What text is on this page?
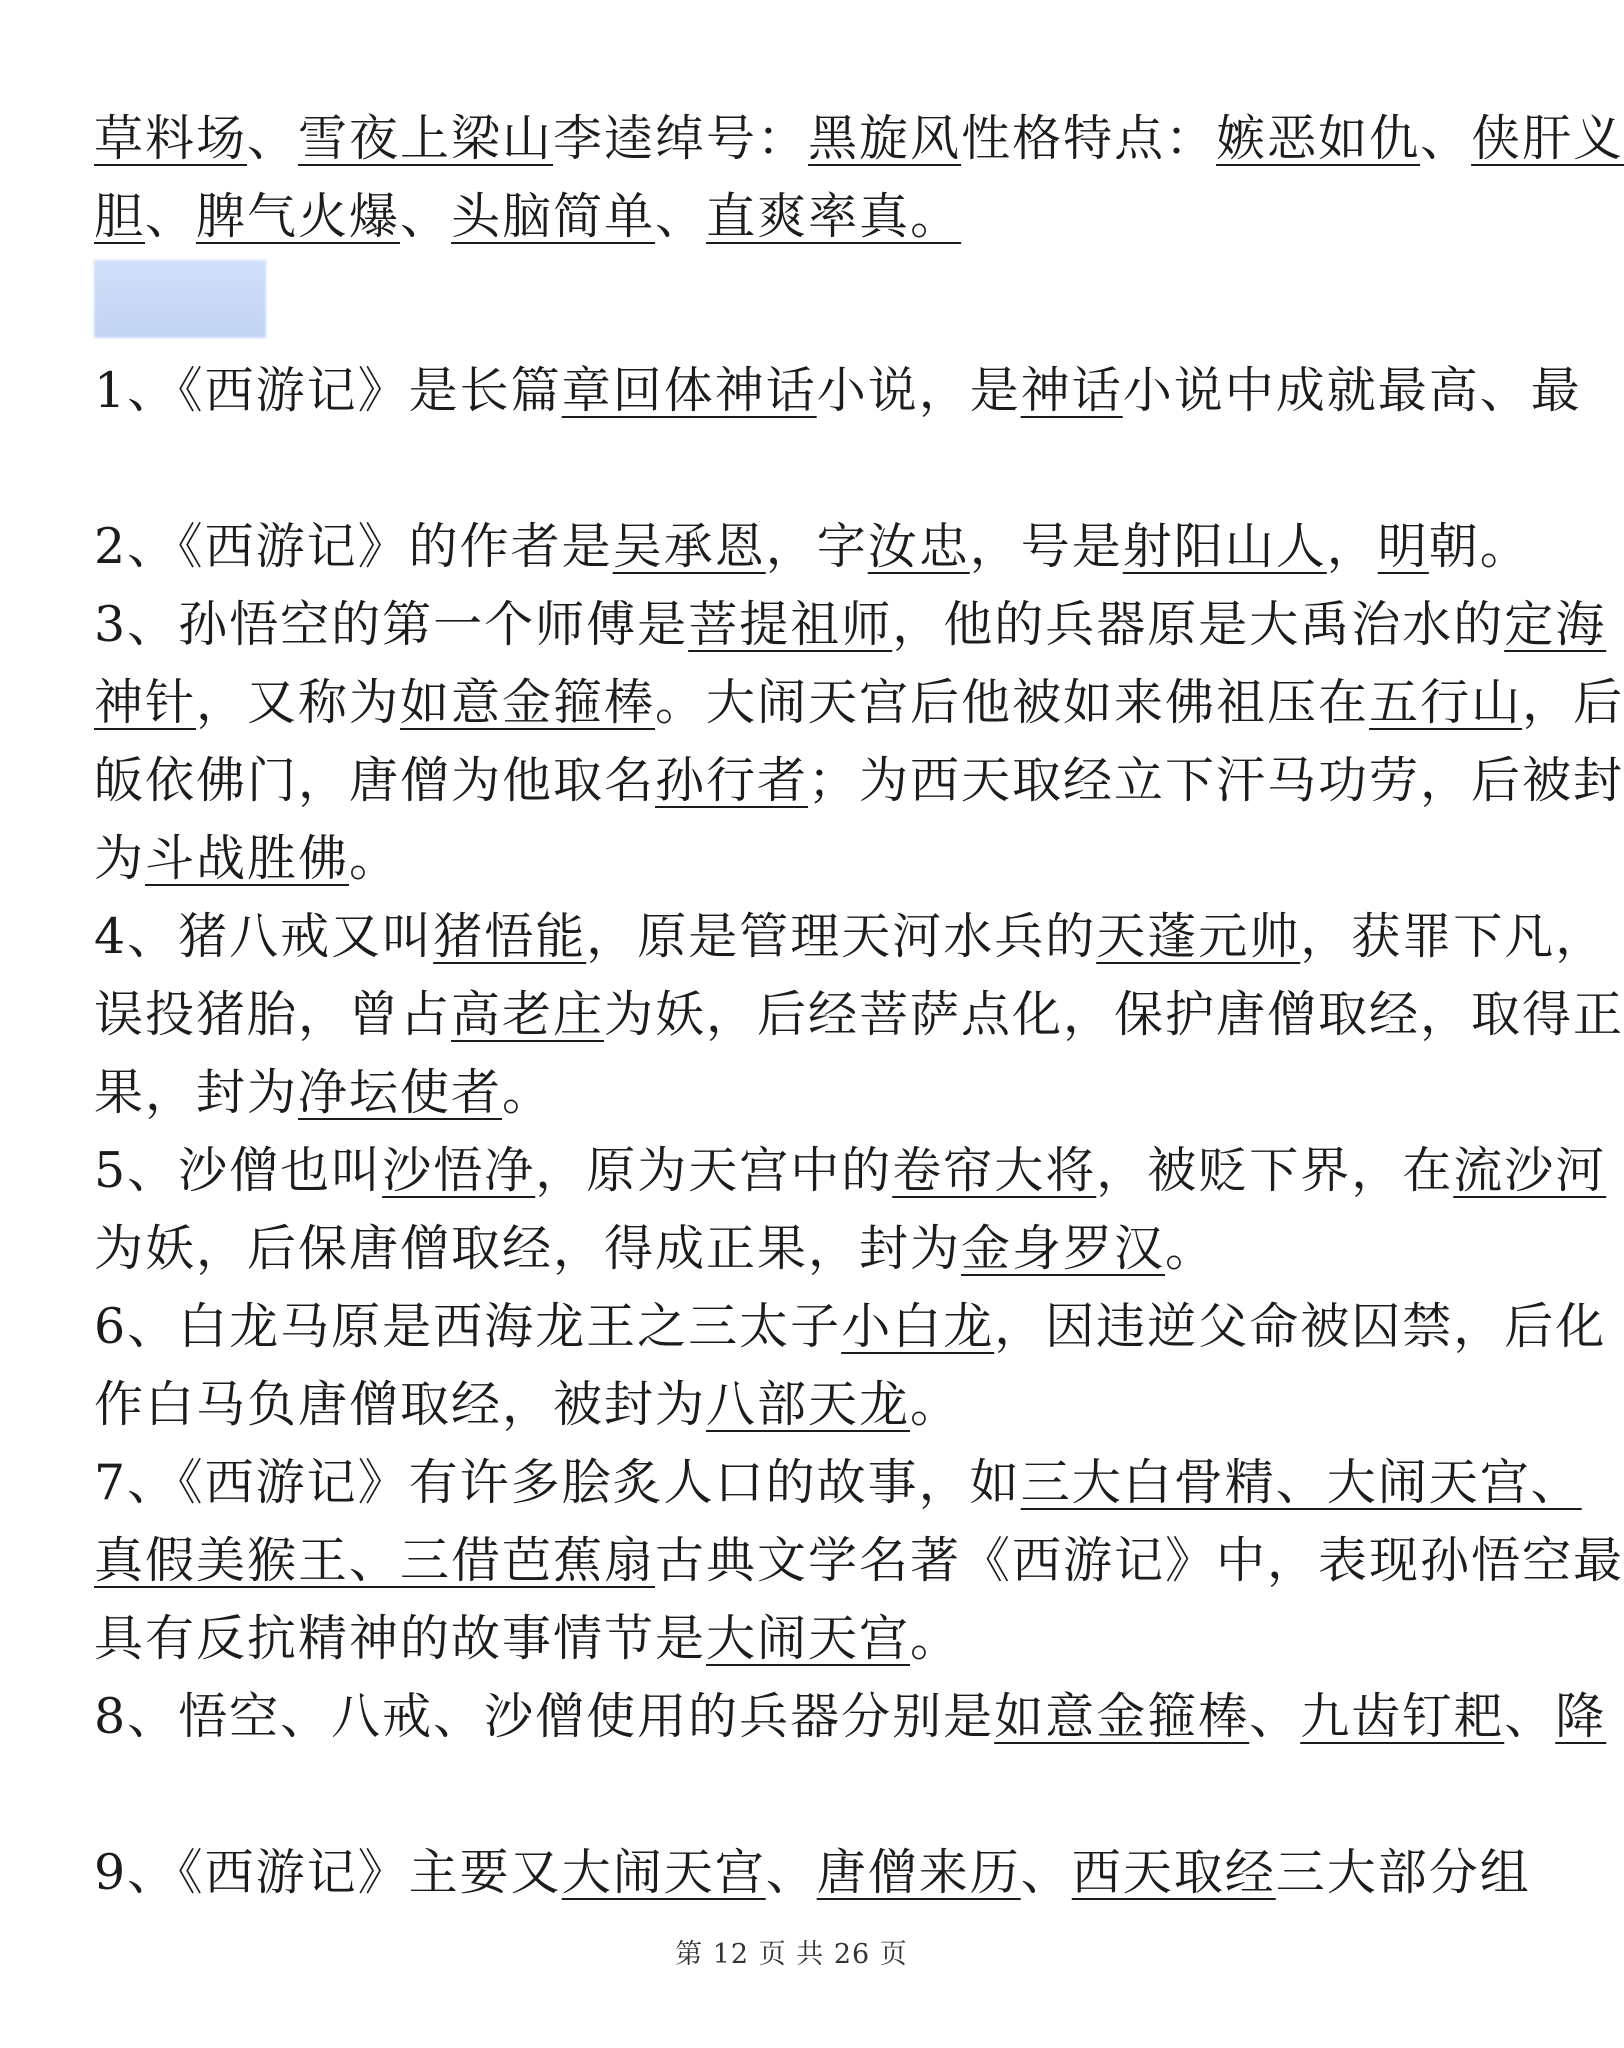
草料场、雪夜上梁山李逵绰号：黑旋风性格特点：嫉恶如仇、侠肝义
胆、脾气火爆、头脑简单、直爽率真。
1、《西游记》是长篇章回体神话小说，是神话小说中成就最高、最
2、《西游记》的作者是吴承恩，字汝忠，号是射阳山人，明朝。
3、孙悟空的第一个师傅是菩提祖师，他的兵器原是大禹治水的定海
神针，又称为如意金箍棒。大闹天宫后他被如来佛祖压在五行山，后
皈依佛门，唐僧为他取名孙行者；为西天取经立下汗马功劳，后被封
为斗战胜佛。
4、猪八戒又叫猪悟能，原是管理天河水兵的天蓬元帅，获罪下凡，
误投猪胎，曾占高老庄为妖，后经菩萨点化，保护唐僧取经，取得正
果，封为净坛使者。
5、沙僧也叫沙悟净，原为天宫中的卷帘大将，被贬下界，在流沙河
为妖，后保唐僧取经，得成正果，封为金身罗汉。
6、白龙马原是西海龙王之三太子小白龙，因违逆父命被囚禁，后化
作白马负唐僧取经，被封为八部天龙。
7、《西游记》有许多脍炙人口的故事，如三大白骨精、大闹天宫、
真假美猴王、三借芭蕉扇古典文学名著《西游记》中，表现孙悟空最
具有反抗精神的故事情节是大闹天宫。
8、悟空、八戒、沙僧使用的兵器分别是如意金箍棒、九齿钉耙、降
9、《西游记》主要又大闹天宫、唐僧来历、西天取经三大部分组
第 12 页 共 26 页
